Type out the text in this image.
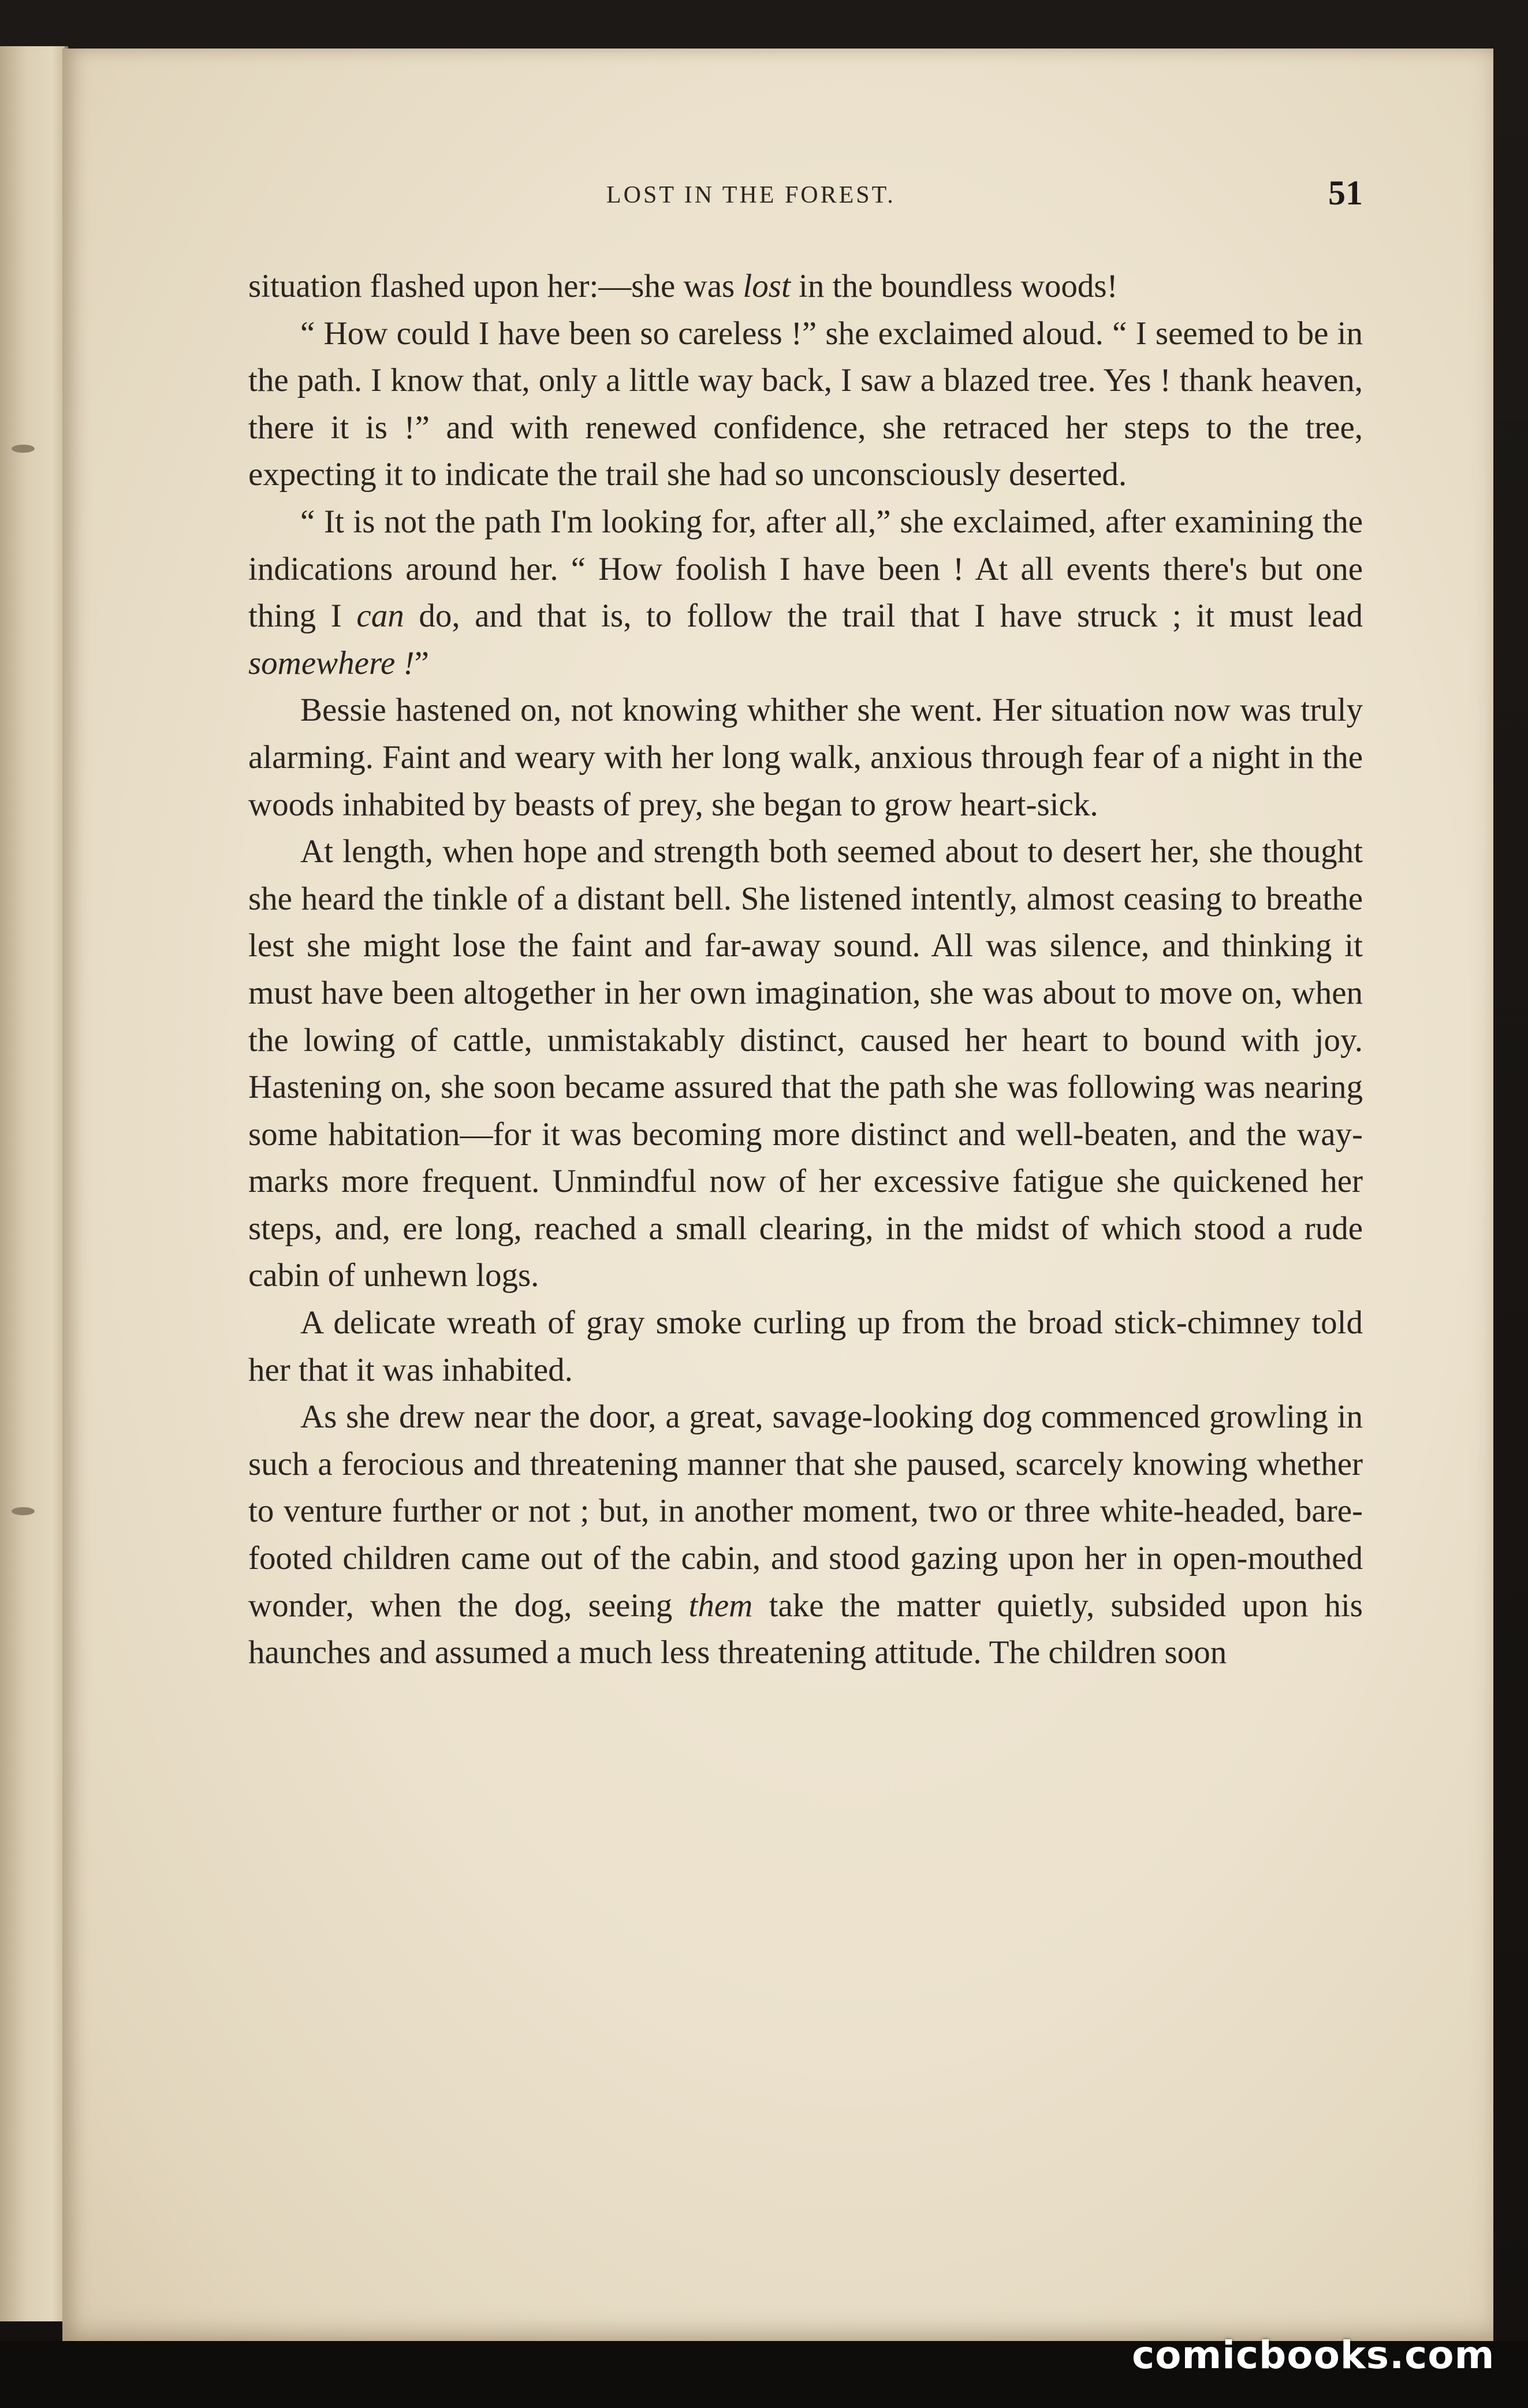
LOST IN THE FOREST.	51

situation flashed upon her:—she was lost in the boundless woods!

“ How could I have been so careless !” she exclaimed aloud. “ I seemed to be in the path. I know that, only a little way back, I saw a blazed tree. Yes ! thank heaven, there it is !” and with renewed confidence, she retraced her steps to the tree, expecting it to indicate the trail she had so unconsciously deserted.

“ It is not the path I'm looking for, after all,” she exclaimed, after examining the indications around her. “ How foolish I have been ! At all events there's but one thing I can do, and that is, to follow the trail that I have struck ; it must lead somewhere !”

Bessie hastened on, not knowing whither she went. Her situation now was truly alarming. Faint and weary with her long walk, anxious through fear of a night in the woods inhabited by beasts of prey, she began to grow heart-sick.

At length, when hope and strength both seemed about to desert her, she thought she heard the tinkle of a distant bell. She listened intently, almost ceasing to breathe lest she might lose the faint and far-away sound. All was silence, and thinking it must have been altogether in her own imagination, she was about to move on, when the lowing of cattle, unmistakably distinct, caused her heart to bound with joy. Hastening on, she soon became assured that the path she was following was nearing some habitation—for it was becoming more distinct and well-beaten, and the way-marks more frequent. Unmindful now of her excessive fatigue she quickened her steps, and, ere long, reached a small clearing, in the midst of which stood a rude cabin of unhewn logs.

A delicate wreath of gray smoke curling up from the broad stick-chimney told her that it was inhabited.

As she drew near the door, a great, savage-looking dog commenced growling in such a ferocious and threatening manner that she paused, scarcely knowing whether to venture further or not ; but, in another moment, two or three white-headed, bare-footed children came out of the cabin, and stood gazing upon her in open-mouthed wonder, when the dog, seeing them take the matter quietly, subsided upon his haunches and assumed a much less threatening attitude. The children soon

comicbooks.com
